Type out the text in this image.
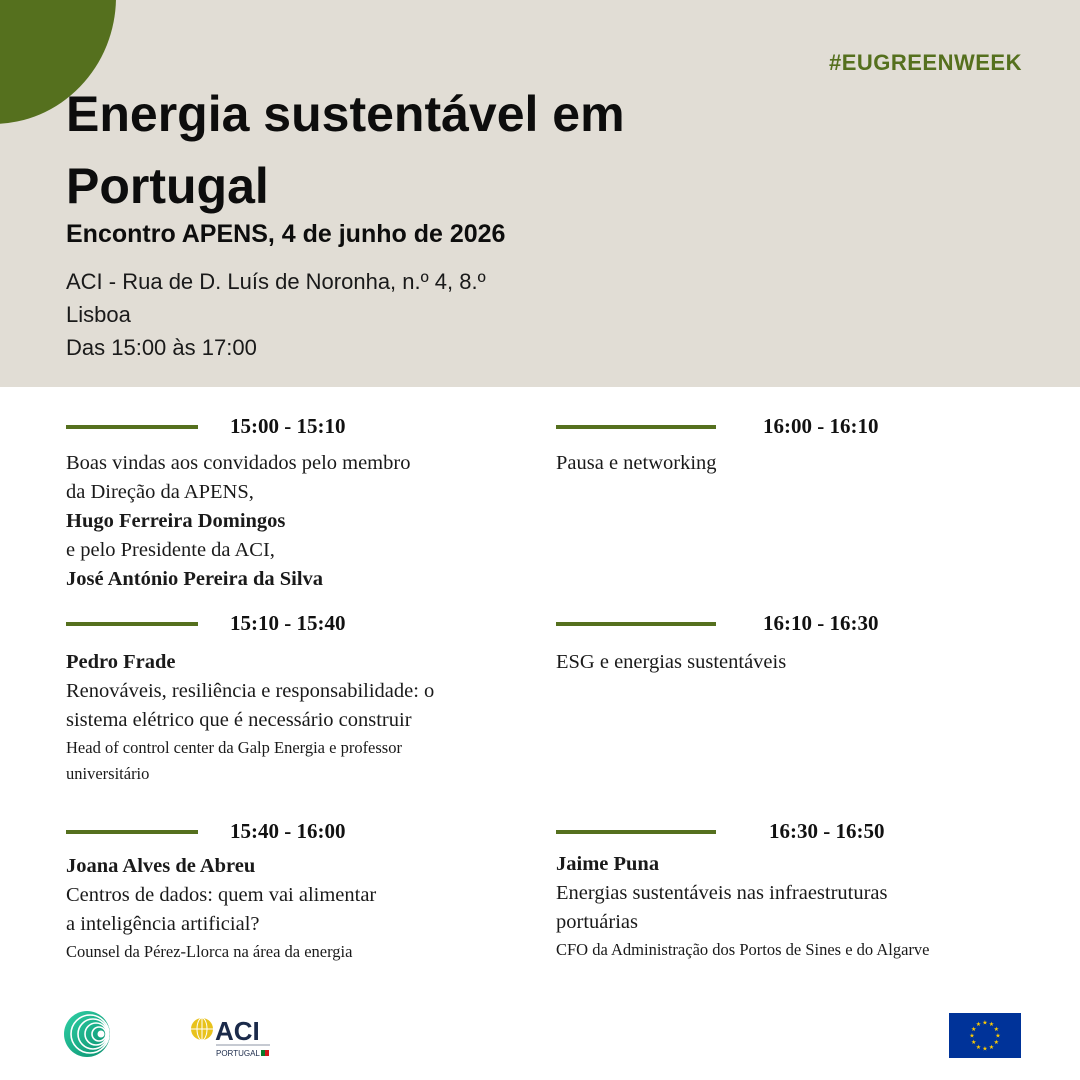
#EUGREENWEEK
Energia sustentável em Portugal
Encontro APENS, 4 de junho de 2026
ACI - Rua de D. Luís de Noronha, n.º 4, 8.º
Lisboa
Das 15:00 às 17:00
15:00 - 15:10
Boas vindas aos convidados pelo membro
da Direção da APENS,
Hugo Ferreira Domingos
e pelo Presidente da ACI,
José António Pereira da Silva
15:10 - 15:40
Pedro Frade
Renováveis, resiliência e responsabilidade: o
sistema elétrico que é necessário construir
Head of control center da Galp Energia e professor
universitário
15:40 - 16:00
Joana Alves de Abreu
Centros de dados: quem vai alimentar
a inteligência artificial?
Counsel da Pérez-Llorca na área da energia
16:00 - 16:10
Pausa e networking
16:10 - 16:30
ESG e energias sustentáveis
16:30 - 16:50
Jaime Puna
Energias sustentáveis nas infraestruturas
portuárias
CFO da Administração dos Portos de Sines e do Algarve
ACI
PORTUGAL
★
★
★
★
★
★
★
★
★ ★ ★
★
